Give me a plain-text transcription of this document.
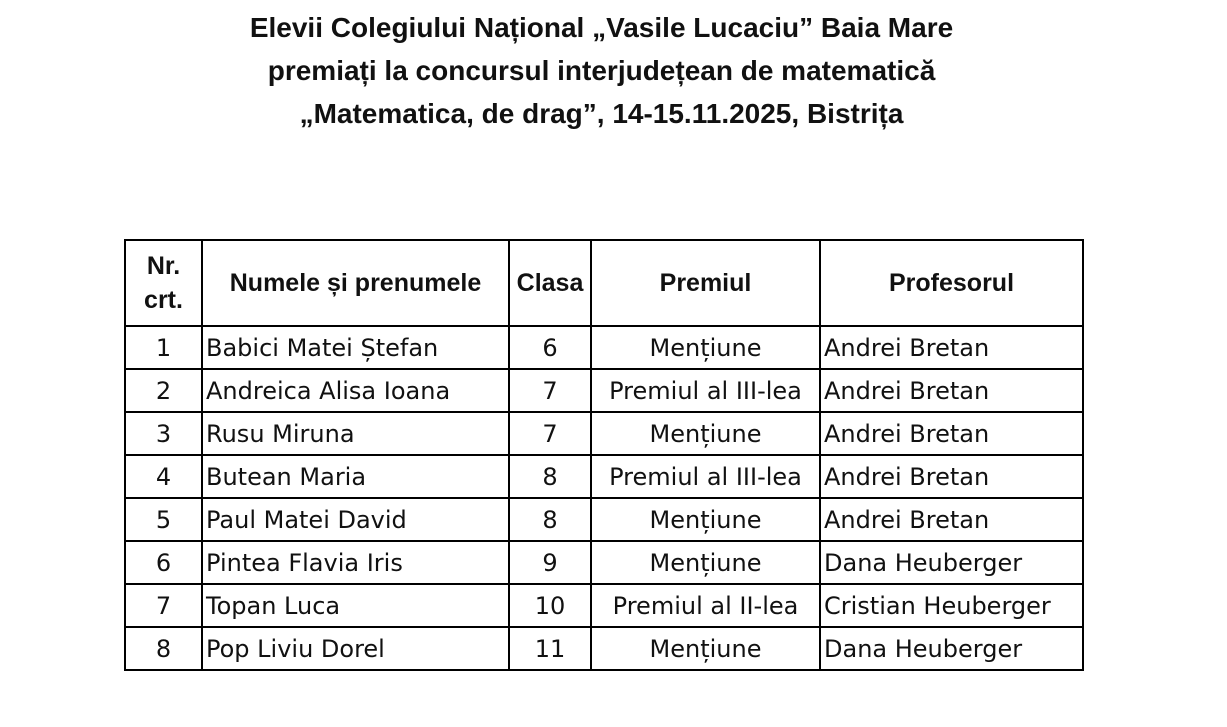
Elevii Colegiului Național „Vasile Lucaciu” Baia Mare
premiați la concursul interjudețean de matematică
„Matematica, de drag”, 14-15.11.2025, Bistrița
Nr.
crt.	Numele și prenumele	Clasa	Premiul	Profesorul
1	Babici Matei Ștefan	6	Mențiune	Andrei Bretan
2	Andreica Alisa Ioana	7	Premiul al III-lea	Andrei Bretan
3	Rusu Miruna	7	Mențiune	Andrei Bretan
4	Butean Maria	8	Premiul al III-lea	Andrei Bretan
5	Paul Matei David	8	Mențiune	Andrei Bretan
6	Pintea Flavia Iris	9	Mențiune	Dana Heuberger
7	Topan Luca	10	Premiul al II-lea	Cristian Heuberger
8	Pop Liviu Dorel	11	Mențiune	Dana Heuberger
